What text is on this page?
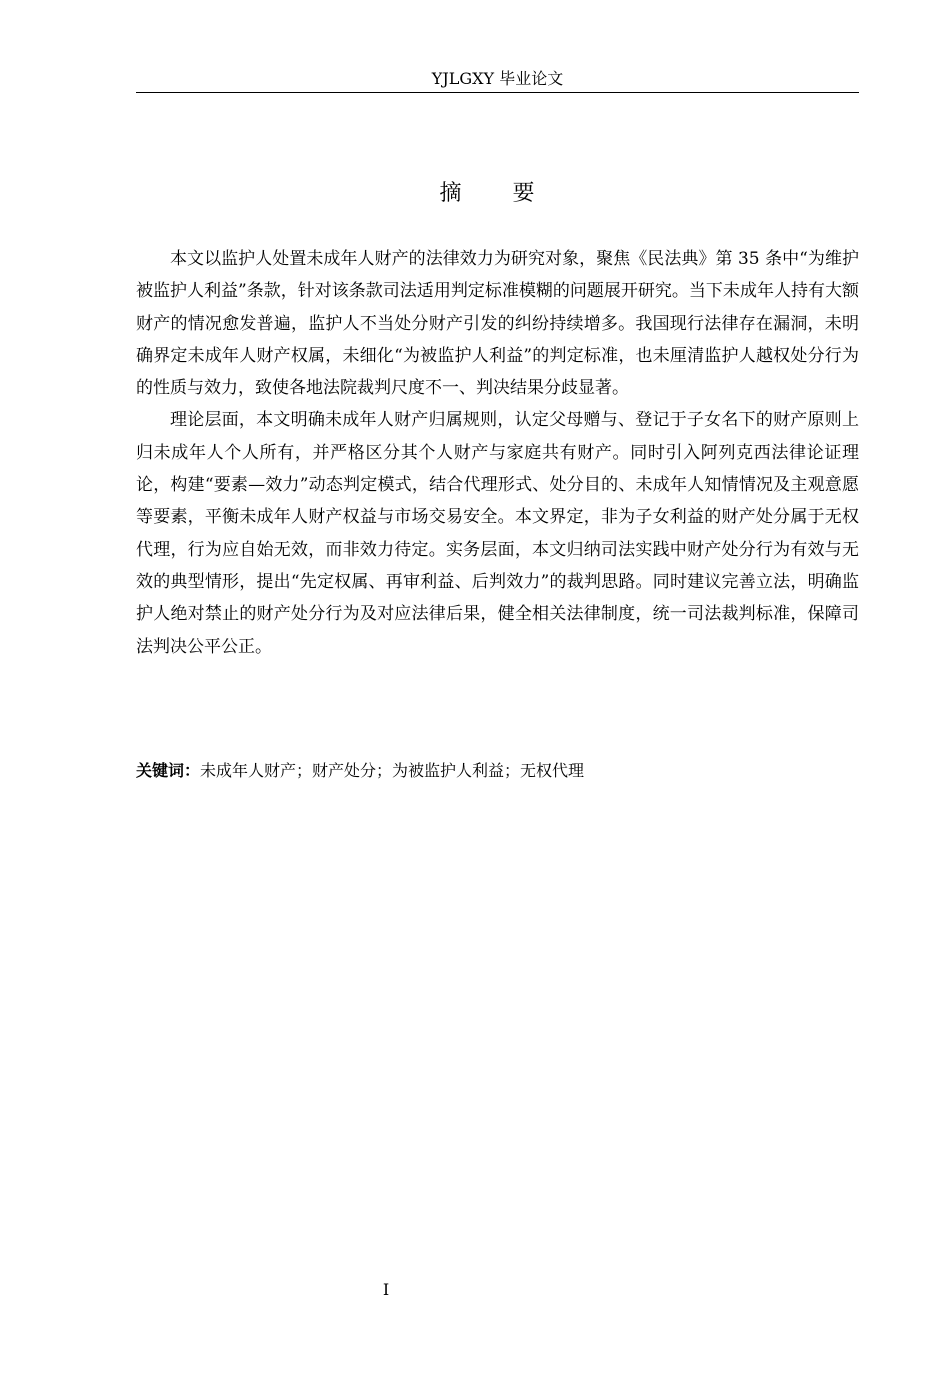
YJLGXY 毕业论文
摘 要

本文以监护人处置未成年人财产的法律效力为研究对象，聚焦《民法典》第 35 条中“为维护被监护人利益”条款，针对该条款司法适用判定标准模糊的问题展开研究。当下未成年人持有大额财产的情况愈发普遍，监护人不当处分财产引发的纠纷持续增多。我国现行法律存在漏洞，未明确界定未成年人财产权属，未细化“为被监护人利益”的判定标准，也未厘清监护人越权处分行为的性质与效力，致使各地法院裁判尺度不一、判决结果分歧显著。

理论层面，本文明确未成年人财产归属规则，认定父母赠与、登记于子女名下的财产原则上归未成年人个人所有，并严格区分其个人财产与家庭共有财产。同时引入阿列克西法律论证理论，构建“要素—效力”动态判定模式，结合代理形式、处分目的、未成年人知情情况及主观意愿等要素，平衡未成年人财产权益与市场交易安全。本文界定，非为子女利益的财产处分属于无权代理，行为应自始无效，而非效力待定。实务层面，本文归纳司法实践中财产处分行为有效与无效的典型情形，提出“先定权属、再审利益、后判效力”的裁判思路。同时建议完善立法，明确监护人绝对禁止的财产处分行为及对应法律后果，健全相关法律制度，统一司法裁判标准，保障司法判决公平公正。

关键词：未成年人财产；财产处分；为被监护人利益；无权代理
I
